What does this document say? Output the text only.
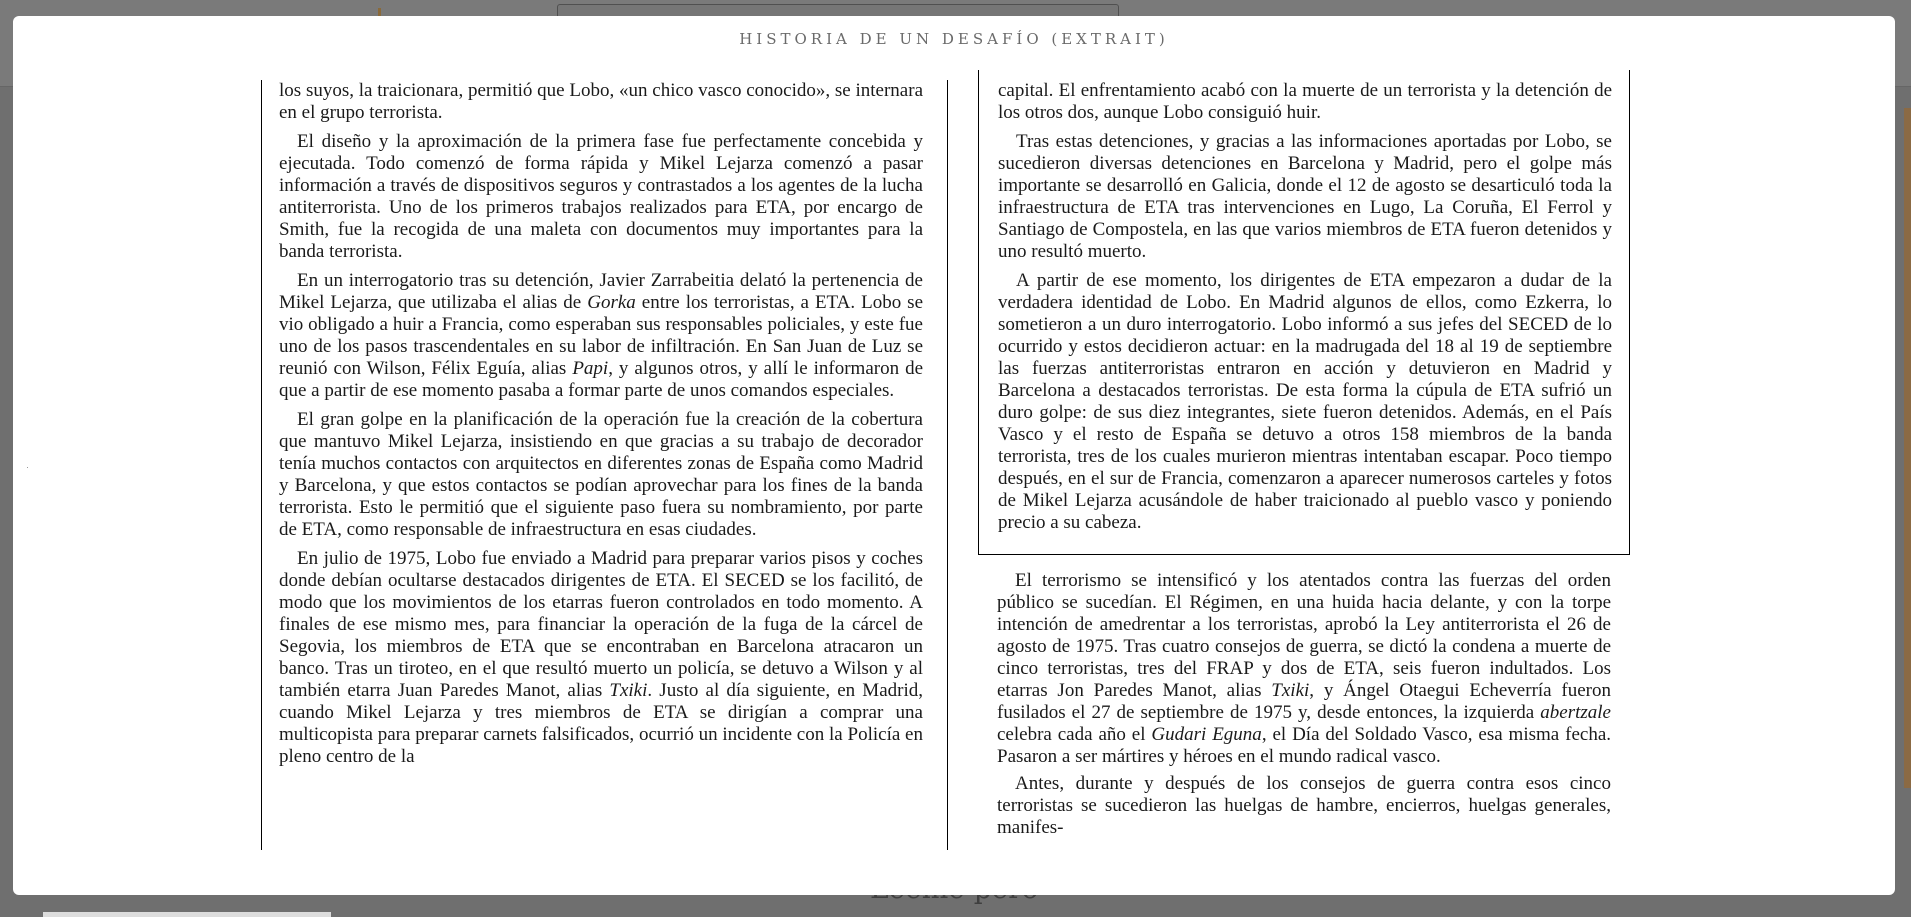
HISTORIA DE UN DESAFÍO (EXTRAIT)

los suyos, la traicionara, permitió que Lobo, «un chico vasco conocido», se internara en el grupo terrorista.

El diseño y la aproximación de la primera fase fue perfectamente concebida y ejecutada. Todo comenzó de forma rápida y Mikel Lejarza comenzó a pasar información a través de dispositivos seguros y contrastados a los agentes de la lucha antiterrorista. Uno de los primeros trabajos realizados para ETA, por encargo de Smith, fue la recogida de una maleta con documentos muy importantes para la banda terrorista.

En un interrogatorio tras su detención, Javier Zarrabeitia delató la pertenencia de Mikel Lejarza, que utilizaba el alias de Gorka entre los terroristas, a ETA. Lobo se vio obligado a huir a Francia, como esperaban sus responsables policiales, y este fue uno de los pasos trascendentales en su labor de infiltración. En San Juan de Luz se reunió con Wilson, Félix Eguía, alias Papi, y algunos otros, y allí le informaron de que a partir de ese momento pasaba a formar parte de unos comandos especiales.

El gran golpe en la planificación de la operación fue la creación de la cobertura que mantuvo Mikel Lejarza, insistiendo en que gracias a su trabajo de decorador tenía muchos contactos con arquitectos en diferentes zonas de España como Madrid y Barcelona, y que estos contactos se podían aprovechar para los fines de la banda terrorista. Esto le permitió que el siguiente paso fuera su nombramiento, por parte de ETA, como responsable de infraestructura en esas ciudades.

En julio de 1975, Lobo fue enviado a Madrid para preparar varios pisos y coches donde debían ocultarse destacados dirigentes de ETA. El SECED se los facilitó, de modo que los movimientos de los etarras fueron controlados en todo momento. A finales de ese mismo mes, para financiar la operación de la fuga de la cárcel de Segovia, los miembros de ETA que se encontraban en Barcelona atracaron un banco. Tras un tiroteo, en el que resultó muerto un policía, se detuvo a Wilson y al también etarra Juan Paredes Manot, alias Txiki. Justo al día siguiente, en Madrid, cuando Mikel Lejarza y tres miembros de ETA se dirigían a comprar una multicopista para preparar carnets falsificados, ocurrió un incidente con la Policía en pleno centro de la

capital. El enfrentamiento acabó con la muerte de un terrorista y la detención de los otros dos, aunque Lobo consiguió huir.

Tras estas detenciones, y gracias a las informaciones aportadas por Lobo, se sucedieron diversas detenciones en Barcelona y Madrid, pero el golpe más importante se desarrolló en Galicia, donde el 12 de agosto se desarticuló toda la infraestructura de ETA tras intervenciones en Lugo, La Coruña, El Ferrol y Santiago de Compostela, en las que varios miembros de ETA fueron detenidos y uno resultó muerto.

A partir de ese momento, los dirigentes de ETA empezaron a dudar de la verdadera identidad de Lobo. En Madrid algunos de ellos, como Ezkerra, lo sometieron a un duro interrogatorio. Lobo informó a sus jefes del SECED de lo ocurrido y estos decidieron actuar: en la madrugada del 18 al 19 de septiembre las fuerzas antiterroristas entraron en acción y detuvieron en Madrid y Barcelona a destacados terroristas. De esta forma la cúpula de ETA sufrió un duro golpe: de sus diez integrantes, siete fueron detenidos. Además, en el País Vasco y el resto de España se detuvo a otros 158 miembros de la banda terrorista, tres de los cuales murieron mientras intentaban escapar. Poco tiempo después, en el sur de Francia, comenzaron a aparecer numerosos carteles y fotos de Mikel Lejarza acusándole de haber traicionado al pueblo vasco y poniendo precio a su cabeza.

El terrorismo se intensificó y los atentados contra las fuerzas del orden público se sucedían. El Régimen, en una huida hacia delante, y con la torpe intención de amedrentar a los terroristas, aprobó la Ley antiterrorista el 26 de agosto de 1975. Tras cuatro consejos de guerra, se dictó la condena a muerte de cinco terroristas, tres del FRAP y dos de ETA, seis fueron indultados. Los etarras Jon Paredes Manot, alias Txiki, y Ángel Otaegui Echeverría fueron fusilados el 27 de septiembre de 1975 y, desde entonces, la izquierda abertzale celebra cada año el Gudari Eguna, el Día del Soldado Vasco, esa misma fecha. Pasaron a ser mártires y héroes en el mundo radical vasco.

Antes, durante y después de los consejos de guerra contra esos cinco terroristas se sucedieron las huelgas de hambre, encierros, huelgas generales, manifes-
